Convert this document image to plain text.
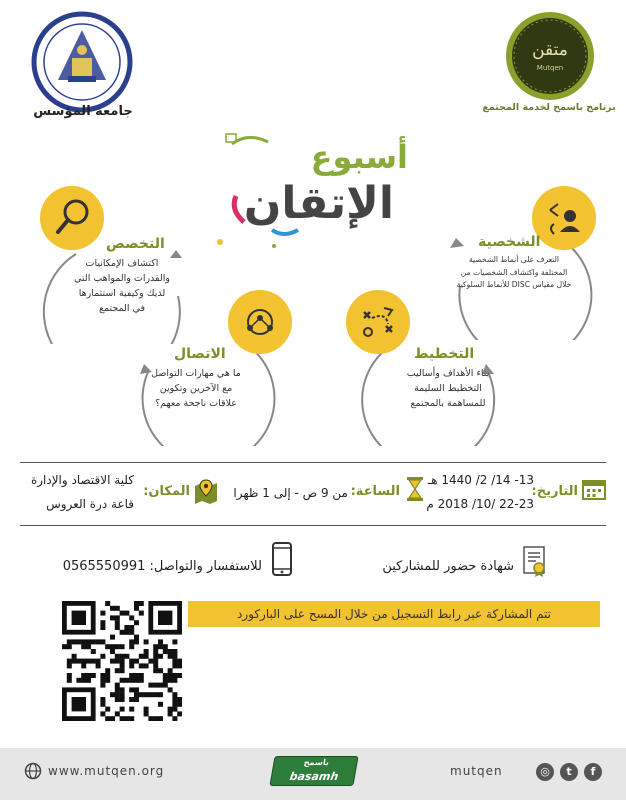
جامعة المؤسس
متقن
Mutqen
برنامج باسمح لخدمة المجتمع
أسبوع
الإتقان
التخصص
اكتشاف الإمكانيات والقدرات والمواهب التي لديك وكيفية استثمارها في المجتمع
الشخصية
التعرف على أنماط الشخصية المختلفة واكتشاف الشخصيات من خلال مقياس DISC للأنماط السلوكية
الاتصال
ما هي مهارات التواصل مع الآخرين وتكوين علاقات ناجحة معهم؟
التخطيط
بناء الأهداف وأساليب التخطيط السليمة للمساهمة بالمجتمع
التاريخ:
13- 14/ 2/ 1440 هـ
22-23 /10/ 2018 م
الساعة:
من 9 ص - إلى 1 ظهرا
المكان:
كلية الاقتصاد والإدارة
قاعة درة العروس
شهادة حضور للمشاركين
للاستفسار والتواصل: 0565550991
تتم المشاركة عبر رابط التسجيل من خلال المسح على الباركورد
www.mutqen.org
باسمح
basamh	mutqen	◎	t	f
